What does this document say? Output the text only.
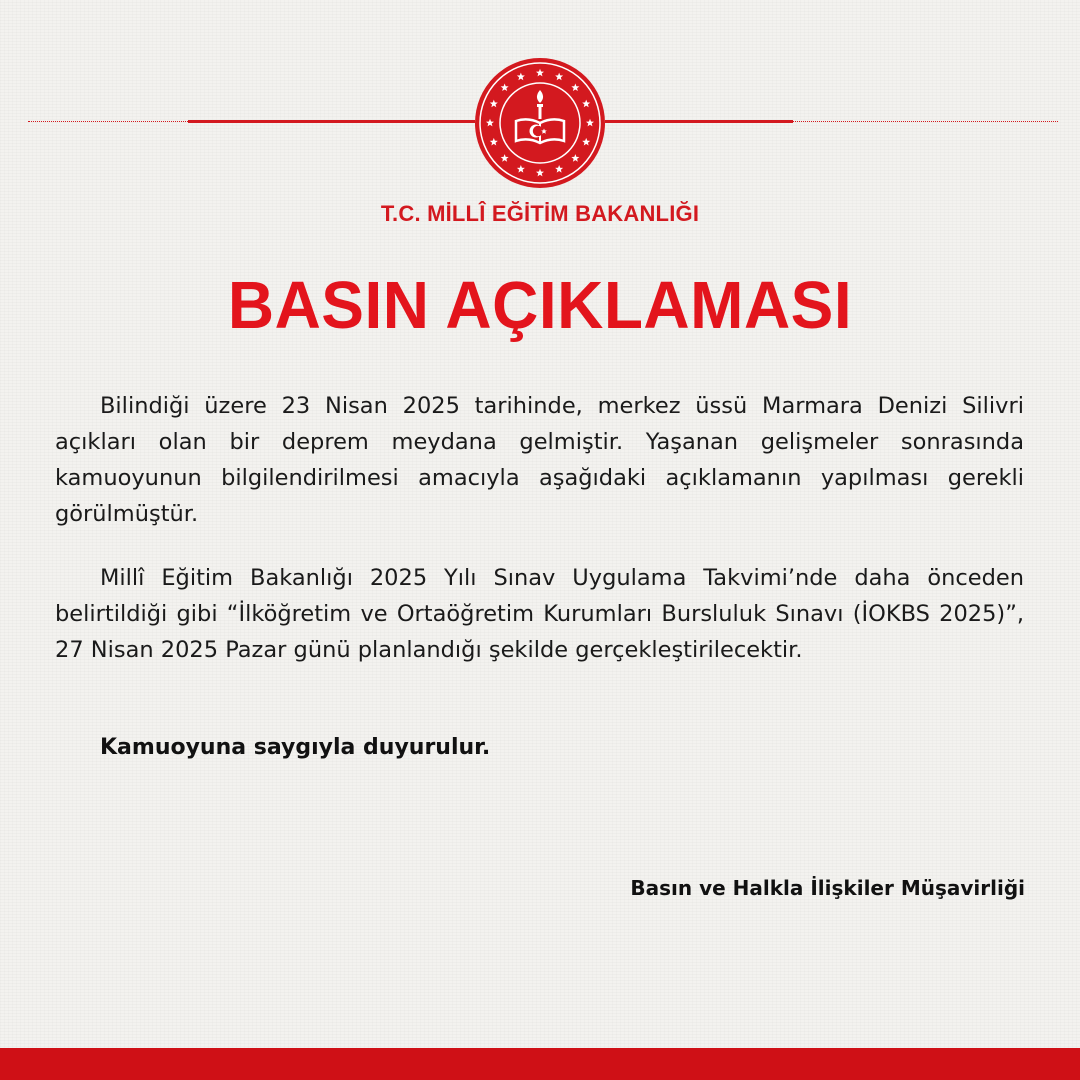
T.C. MİLLÎ EĞİTİM BAKANLIĞI
BASIN AÇIKLAMASI

Bilindiği üzere 23 Nisan 2025 tarihinde, merkez üssü Marmara Denizi Silivri açıkları olan bir deprem meydana gelmiştir. Yaşanan gelişmeler sonrasında kamuoyunun bilgilendirilmesi amacıyla aşağıdaki açıklamanın yapılması gerekli görülmüştür.

Millî Eğitim Bakanlığı 2025 Yılı Sınav Uygulama Takvimi’nde daha önceden belirtildiği gibi “İlköğretim ve Ortaöğretim Kurumları Bursluluk Sınavı (İOKBS 2025)”, 27 Nisan 2025 Pazar günü planlandığı şekilde gerçekleştirilecektir.

Kamuoyuna saygıyla duyurulur.

Basın ve Halkla İlişkiler Müşavirliği
